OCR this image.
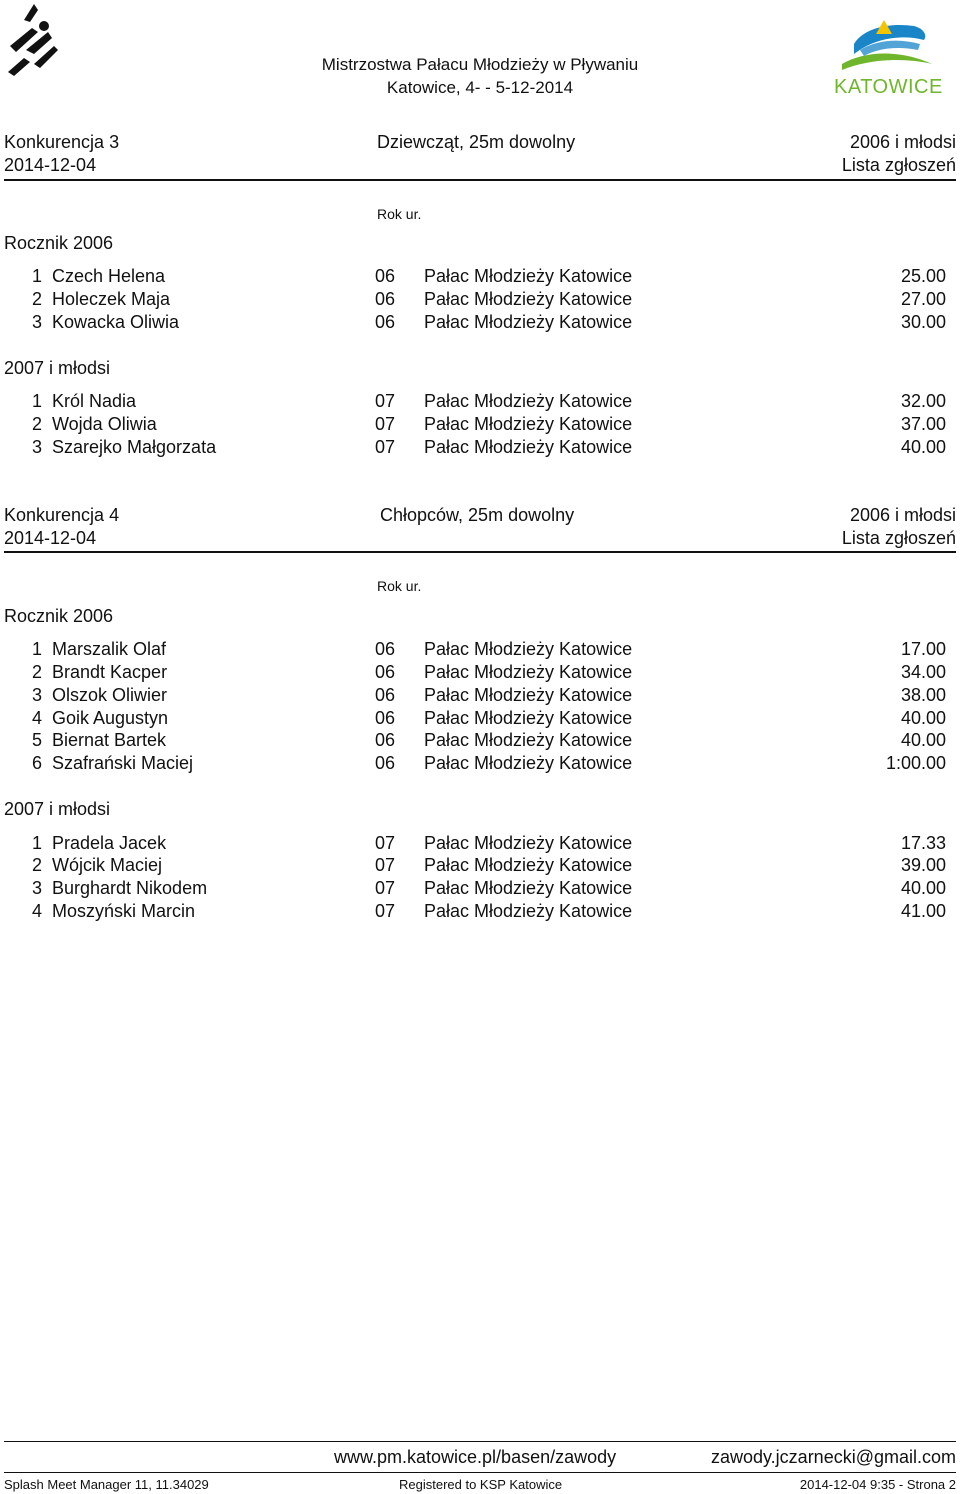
Mistrzostwa Pałacu Młodzieży w Pływaniu
Katowice, 4- - 5-12-2014	KATOWICE
Konkurencja 3	Dziewcząt, 25m dowolny	2006 i młodsi
2014-12-04	Lista zgłoszeń
Rok ur.
Rocznik 2006
1 Czech Helena	06 Pałac Młodzieży Katowice	25.00
2 Holeczek Maja	06 Pałac Młodzieży Katowice	27.00
3 Kowacka Oliwia	06 Pałac Młodzieży Katowice	30.00
2007 i młodsi
1 Król Nadia	07 Pałac Młodzieży Katowice	32.00
2 Wojda Oliwia	07 Pałac Młodzieży Katowice	37.00
3 Szarejko Małgorzata	07 Pałac Młodzieży Katowice	40.00
Konkurencja 4	Chłopców, 25m dowolny	2006 i młodsi
2014-12-04	Lista zgłoszeń
Rok ur.
Rocznik 2006
1 Marszalik Olaf	06 Pałac Młodzieży Katowice	17.00
2 Brandt Kacper	06 Pałac Młodzieży Katowice	34.00
3 Olszok Oliwier	06 Pałac Młodzieży Katowice	38.00
4 Goik Augustyn	06 Pałac Młodzieży Katowice	40.00
5 Biernat Bartek	06 Pałac Młodzieży Katowice	40.00
6 Szafrański Maciej	06 Pałac Młodzieży Katowice	1:00.00
2007 i młodsi
1 Pradela Jacek	07 Pałac Młodzieży Katowice	17.33
2 Wójcik Maciej	07 Pałac Młodzieży Katowice	39.00
3 Burghardt Nikodem	07 Pałac Młodzieży Katowice	40.00
4 Moszyński Marcin	07 Pałac Młodzieży Katowice	41.00
www.pm.katowice.pl/basen/zawody	zawody.jczarnecki@gmail.com
Splash Meet Manager 11, 11.34029	Registered to KSP Katowice	2014-12-04 9:35 - Strona 2
